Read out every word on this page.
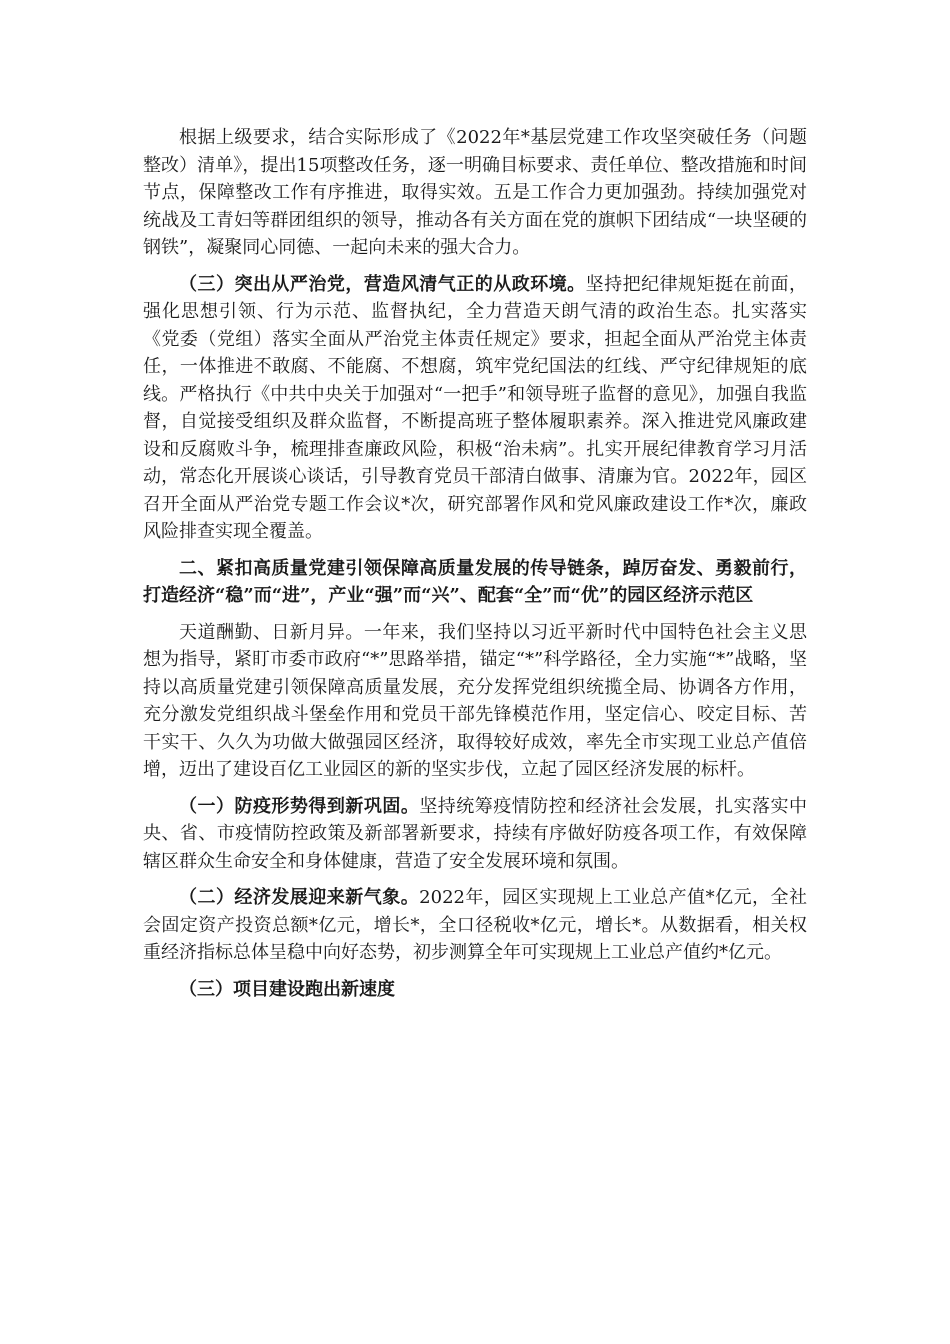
根据上级要求，结合实际形成了《2022年*基层党建工作攻坚突破任务（问题整改）清单》，提出15项整改任务，逐一明确目标要求、责任单位、整改措施和时间节点，保障整改工作有序推进，取得实效。五是工作合力更加强劲。持续加强党对统战及工青妇等群团组织的领导，推动各有关方面在党的旗帜下团结成“一块坚硬的钢铁”，凝聚同心同德、一起向未来的强大合力。

（三）突出从严治党，营造风清气正的从政环境。坚持把纪律规矩挺在前面，强化思想引领、行为示范、监督执纪，全力营造天朗气清的政治生态。扎实落实《党委（党组）落实全面从严治党主体责任规定》要求，担起全面从严治党主体责任，一体推进不敢腐、不能腐、不想腐，筑牢党纪国法的红线、严守纪律规矩的底线。严格执行《中共中央关于加强对“一把手”和领导班子监督的意见》，加强自我监督，自觉接受组织及群众监督，不断提高班子整体履职素养。深入推进党风廉政建设和反腐败斗争，梳理排查廉政风险，积极“治未病”。扎实开展纪律教育学习月活动，常态化开展谈心谈话，引导教育党员干部清白做事、清廉为官。2022年，园区召开全面从严治党专题工作会议*次，研究部署作风和党风廉政建设工作*次，廉政风险排查实现全覆盖。

二、紧扣高质量党建引领保障高质量发展的传导链条，踔厉奋发、勇毅前行，打造经济“稳”而“进”，产业“强”而“兴”、配套“全”而“优”的园区经济示范区

天道酬勤、日新月异。一年来，我们坚持以习近平新时代中国特色社会主义思想为指导，紧盯市委市政府“*”思路举措，锚定“*”科学路径，全力实施“*”战略，坚持以高质量党建引领保障高质量发展，充分发挥党组织统揽全局、协调各方作用，充分激发党组织战斗堡垒作用和党员干部先锋模范作用，坚定信心、咬定目标、苦干实干、久久为功做大做强园区经济，取得较好成效，率先全市实现工业总产值倍增，迈出了建设百亿工业园区的新的坚实步伐，立起了园区经济发展的标杆。

（一）防疫形势得到新巩固。坚持统筹疫情防控和经济社会发展，扎实落实中央、省、市疫情防控政策及新部署新要求，持续有序做好防疫各项工作，有效保障辖区群众生命安全和身体健康，营造了安全发展环境和氛围。

（二）经济发展迎来新气象。2022年，园区实现规上工业总产值*亿元，全社会固定资产投资总额*亿元，增长*，全口径税收*亿元，增长*。从数据看，相关权重经济指标总体呈稳中向好态势，初步测算全年可实现规上工业总产值约*亿元。

（三）项目建设跑出新速度
